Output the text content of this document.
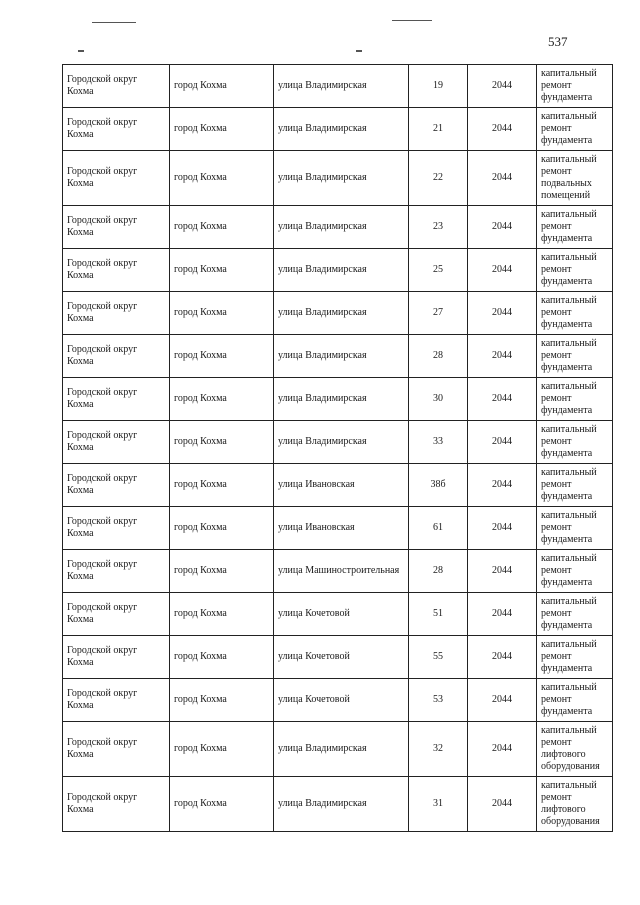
537
Городской округ Кохма	город Кохма	улица Владимирская	19	2044	капитальный ремонт фундамента
Городской округ Кохма	город Кохма	улица Владимирская	21	2044	капитальный ремонт фундамента
Городской округ Кохма	город Кохма	улица Владимирская	22	2044	капитальный ремонт подвальных помещений
Городской округ Кохма	город Кохма	улица Владимирская	23	2044	капитальный ремонт фундамента
Городской округ Кохма	город Кохма	улица Владимирская	25	2044	капитальный ремонт фундамента
Городской округ Кохма	город Кохма	улица Владимирская	27	2044	капитальный ремонт фундамента
Городской округ Кохма	город Кохма	улица Владимирская	28	2044	капитальный ремонт фундамента
Городской округ Кохма	город Кохма	улица Владимирская	30	2044	капитальный ремонт фундамента
Городской округ Кохма	город Кохма	улица Владимирская	33	2044	капитальный ремонт фундамента
Городской округ Кохма	город Кохма	улица Ивановская	38б	2044	капитальный ремонт фундамента
Городской округ Кохма	город Кохма	улица Ивановская	61	2044	капитальный ремонт фундамента
Городской округ Кохма	город Кохма	улица Машиностроительная	28	2044	капитальный ремонт фундамента
Городской округ Кохма	город Кохма	улица Кочетовой	51	2044	капитальный ремонт фундамента
Городской округ Кохма	город Кохма	улица Кочетовой	55	2044	капитальный ремонт фундамента
Городской округ Кохма	город Кохма	улица Кочетовой	53	2044	капитальный ремонт фундамента
Городской округ Кохма	город Кохма	улица Владимирская	32	2044	капитальный ремонт лифтового оборудования
Городской округ Кохма	город Кохма	улица Владимирская	31	2044	капитальный ремонт лифтового оборудования
